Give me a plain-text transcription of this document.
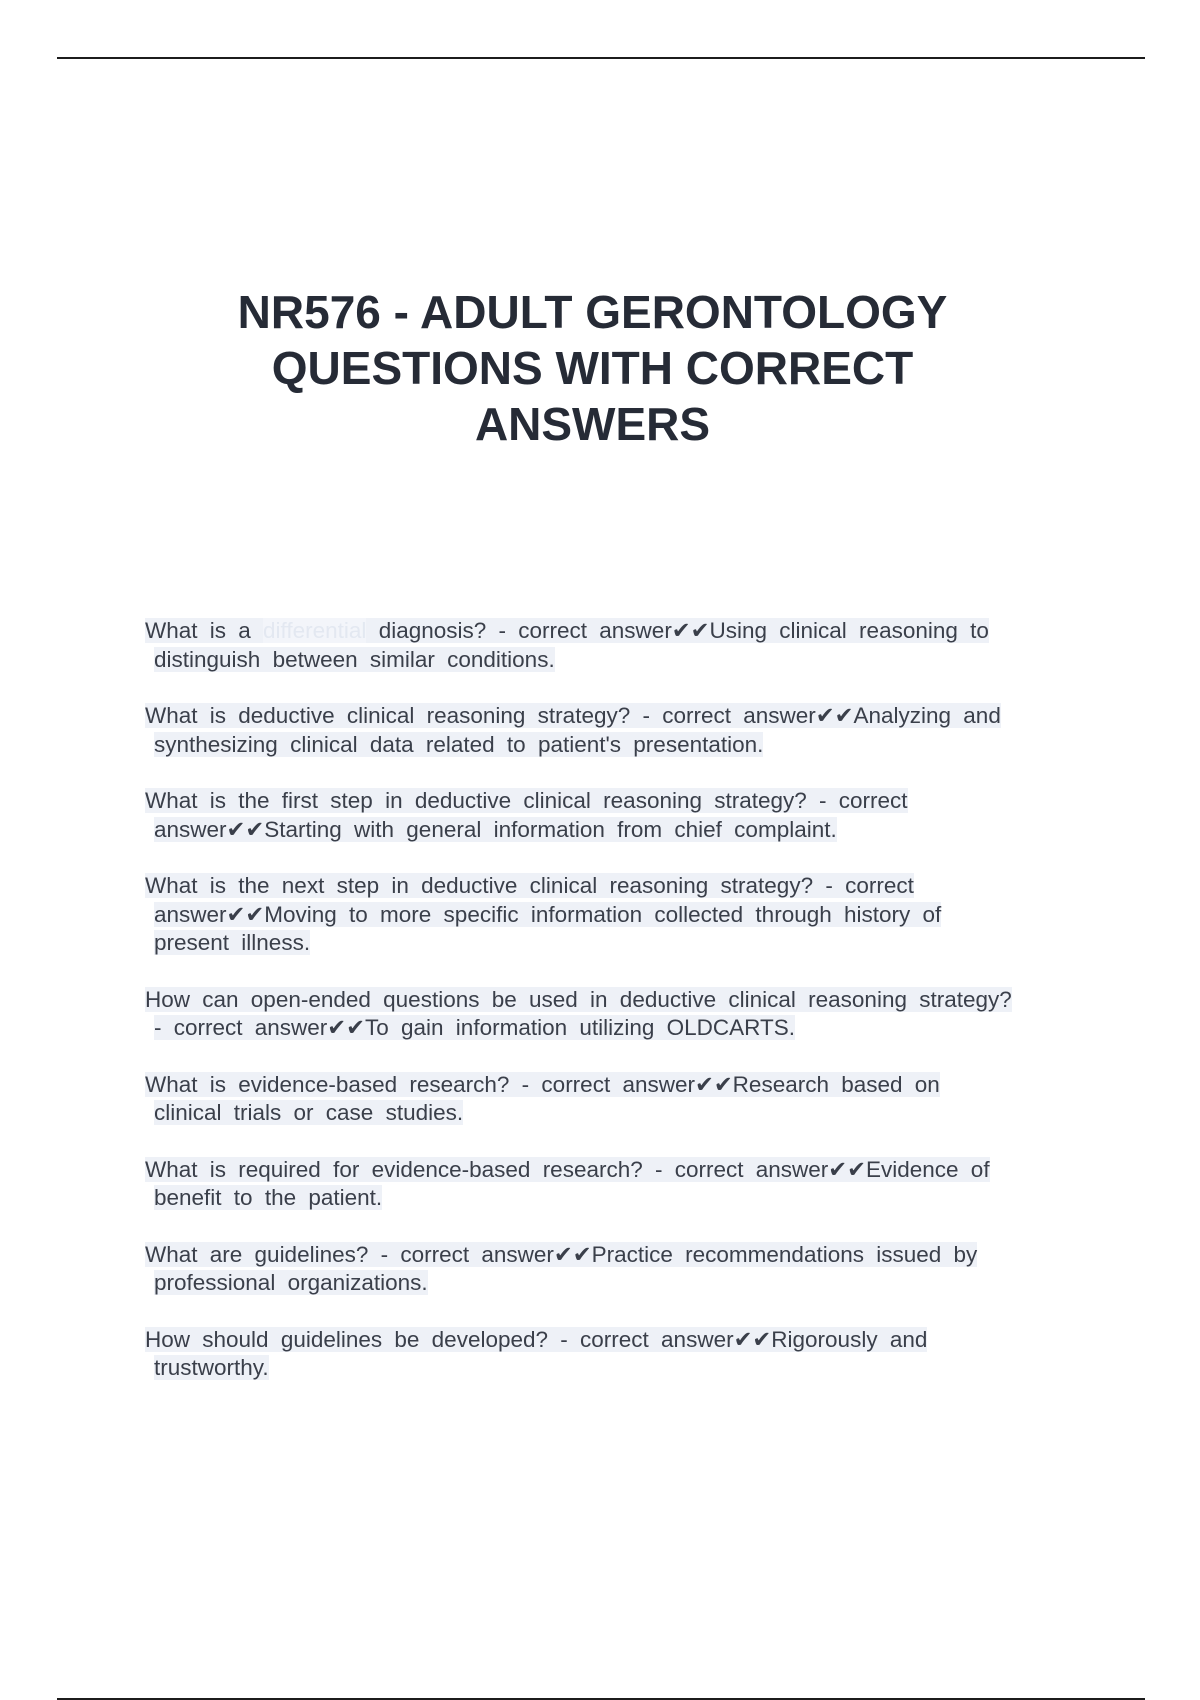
NR576 - ADULT GERONTOLOGY
QUESTIONS WITH CORRECT
ANSWERS
What is a differential diagnosis? - correct answer✔✔Using clinical reasoning to
distinguish between similar conditions.
What is deductive clinical reasoning strategy? - correct answer✔✔Analyzing and
synthesizing clinical data related to patient's presentation.
What is the first step in deductive clinical reasoning strategy? - correct
answer✔✔Starting with general information from chief complaint.
What is the next step in deductive clinical reasoning strategy? - correct
answer✔✔Moving to more specific information collected through history of
present illness.
How can open-ended questions be used in deductive clinical reasoning strategy?
- correct answer✔✔To gain information utilizing OLDCARTS.
What is evidence-based research? - correct answer✔✔Research based on
clinical trials or case studies.
What is required for evidence-based research? - correct answer✔✔Evidence of
benefit to the patient.
What are guidelines? - correct answer✔✔Practice recommendations issued by
professional organizations.
How should guidelines be developed? - correct answer✔✔Rigorously and
trustworthy.
